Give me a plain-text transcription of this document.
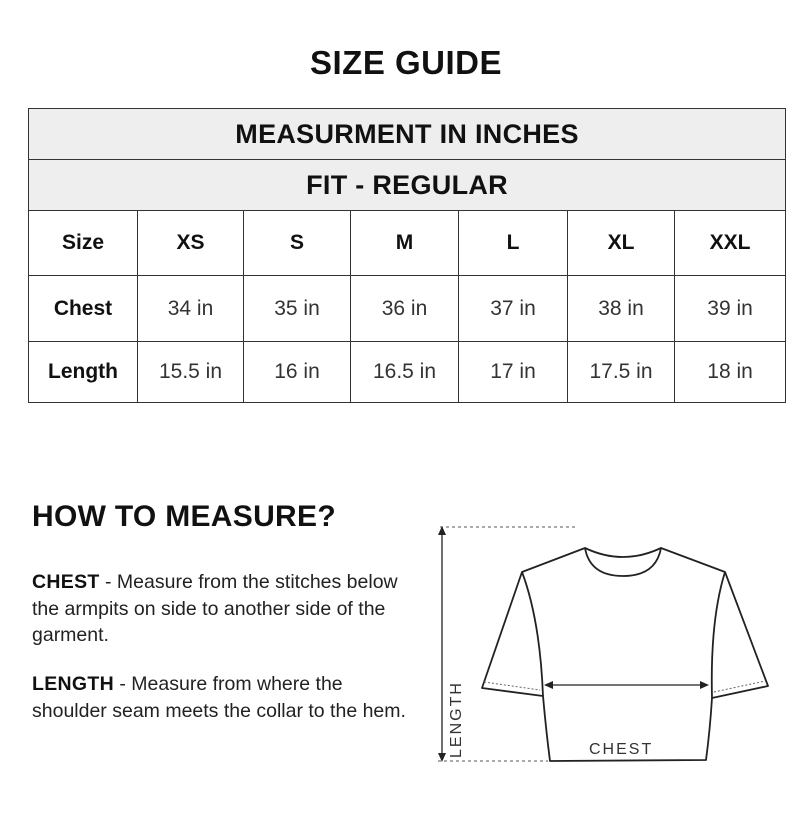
SIZE GUIDE
MEASURMENT IN INCHES						
FIT - REGULAR						
Size	XS	S	M	L	XL	XXL
Chest	34 in	35 in	36 in	37 in	38 in	39 in
Length	15.5 in	16 in	16.5 in	17 in	17.5 in	18 in
HOW TO MEASURE?
CHEST - Measure from the stitches below the armpits on side to another side of the garment.
LENGTH - Measure from where the shoulder seam meets the collar to the hem.	LENGTH	CHEST
